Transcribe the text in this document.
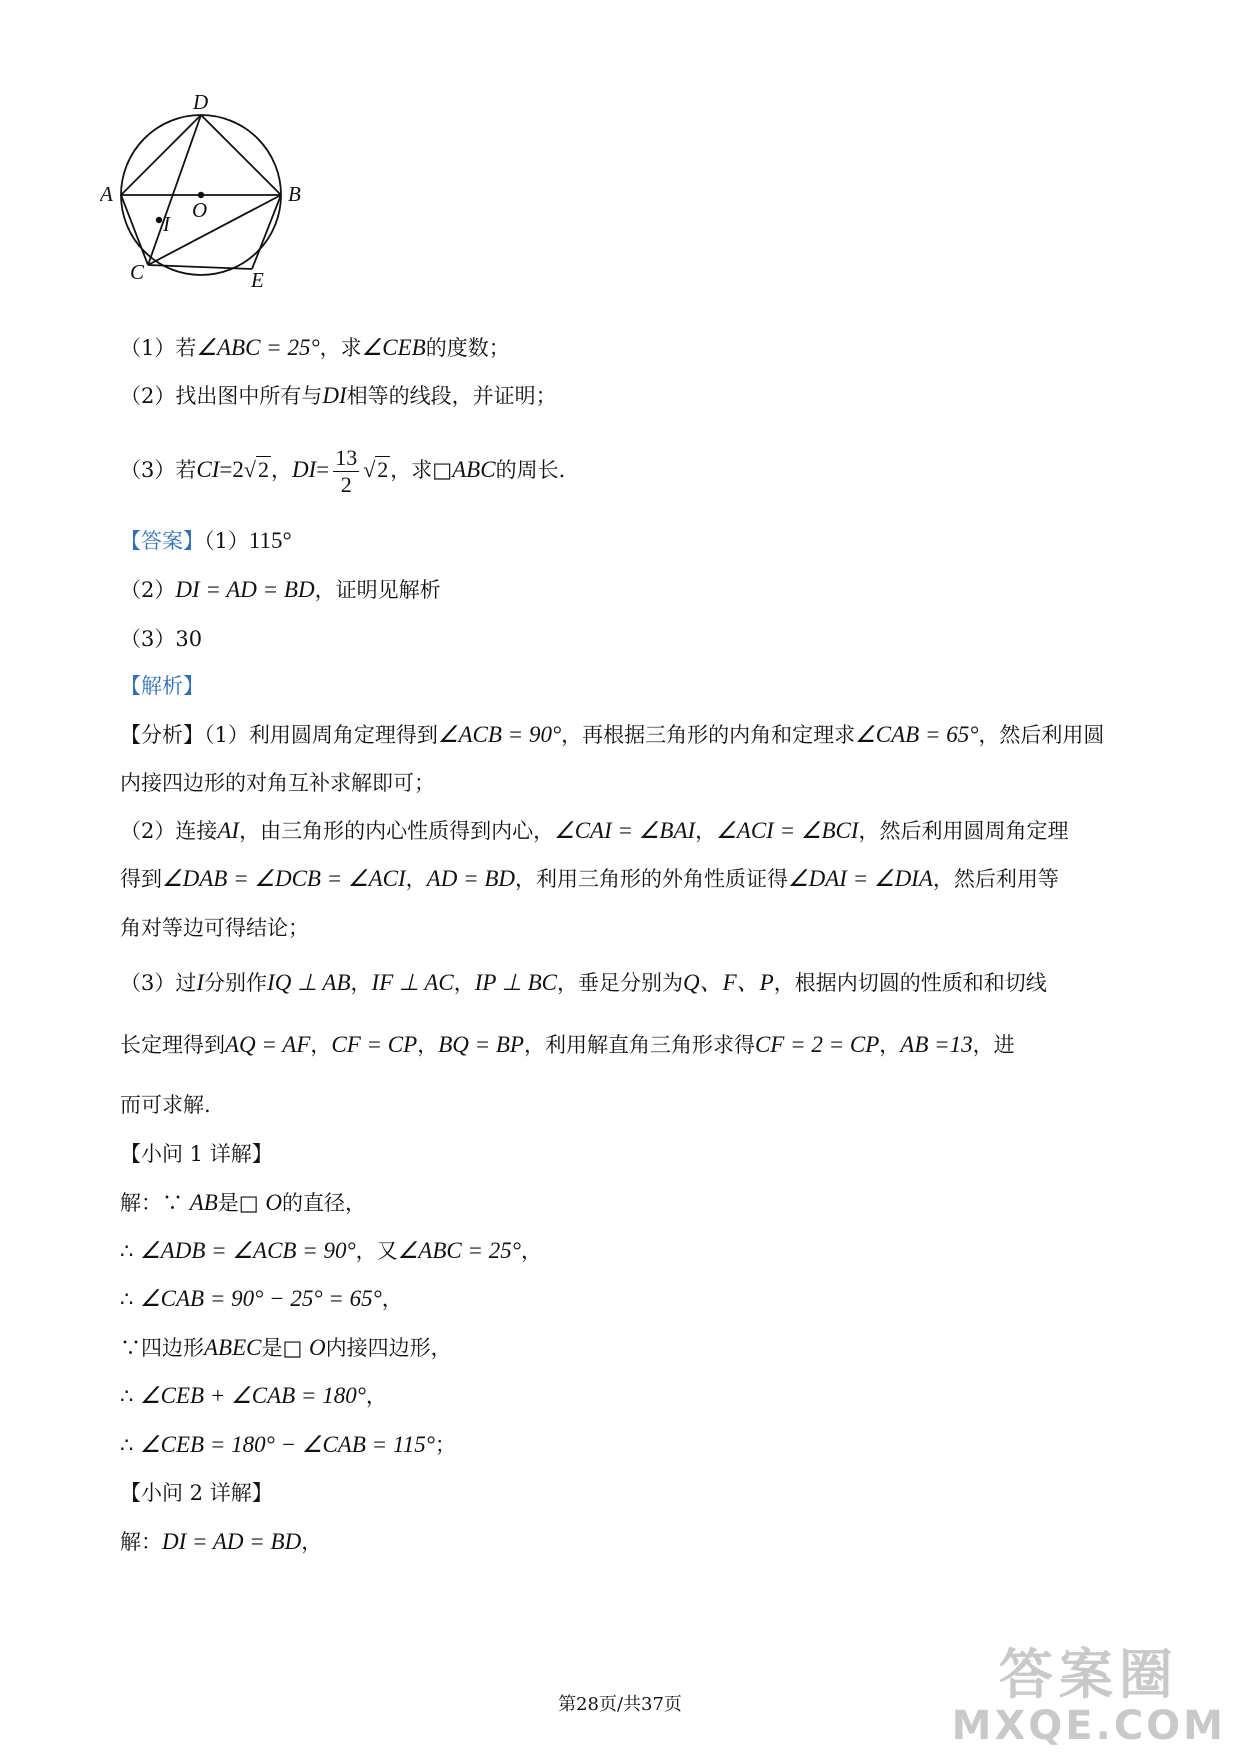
D
A
O
B
I
C	E
（1）若∠ABC = 25°，求∠CEB的度数；
（2）找出图中所有与DI相等的线段，并证明；
（3）若CI=2√2，$DI= \frac{13}{2} √2$，求□ABC的周长.
【答案】（1）115°
（2）DI = AD = BD，证明见解析
（3）30
【解析】
【分析】（1）利用圆周角定理得到∠ACB = 90°，再根据三角形的内角和定理求∠CAB = 65°，然后利用圆
内接四边形的对角互补求解即可；
（2）连接AI，由三角形的内心性质得到内心，∠CAI = ∠BAI，∠ACI = ∠BCI，然后利用圆周角定理
得到∠DAB = ∠DCB = ∠ACI，AD = BD，利用三角形的外角性质证得∠DAI = ∠DIA，然后利用等
角对等边可得结论；
（3）过I分别作IQ ⊥ AB，IF ⊥ AC，IP ⊥ BC，垂足分别为Q、F、P，根据内切圆的性质和和切线
长定理得到AQ = AF，CF = CP，BQ = BP，利用解直角三角形求得CF = 2 = CP，AB =13，进
而可求解.
【小问 1 详解】
解：∵ AB是□ O的直径，
∴ ∠ADB = ∠ACB = 90°，又∠ABC = 25°，
∴ ∠CAB = 90° − 25° = 65°，
∵四边形ABEC是□ O内接四边形，
∴ ∠CEB + ∠CAB = 180°，
∴ ∠CEB = 180° − ∠CAB = 115°；
【小问 2 详解】
解：DI = AD = BD，
第28页/共37页	答案圈
MXQE.COM
